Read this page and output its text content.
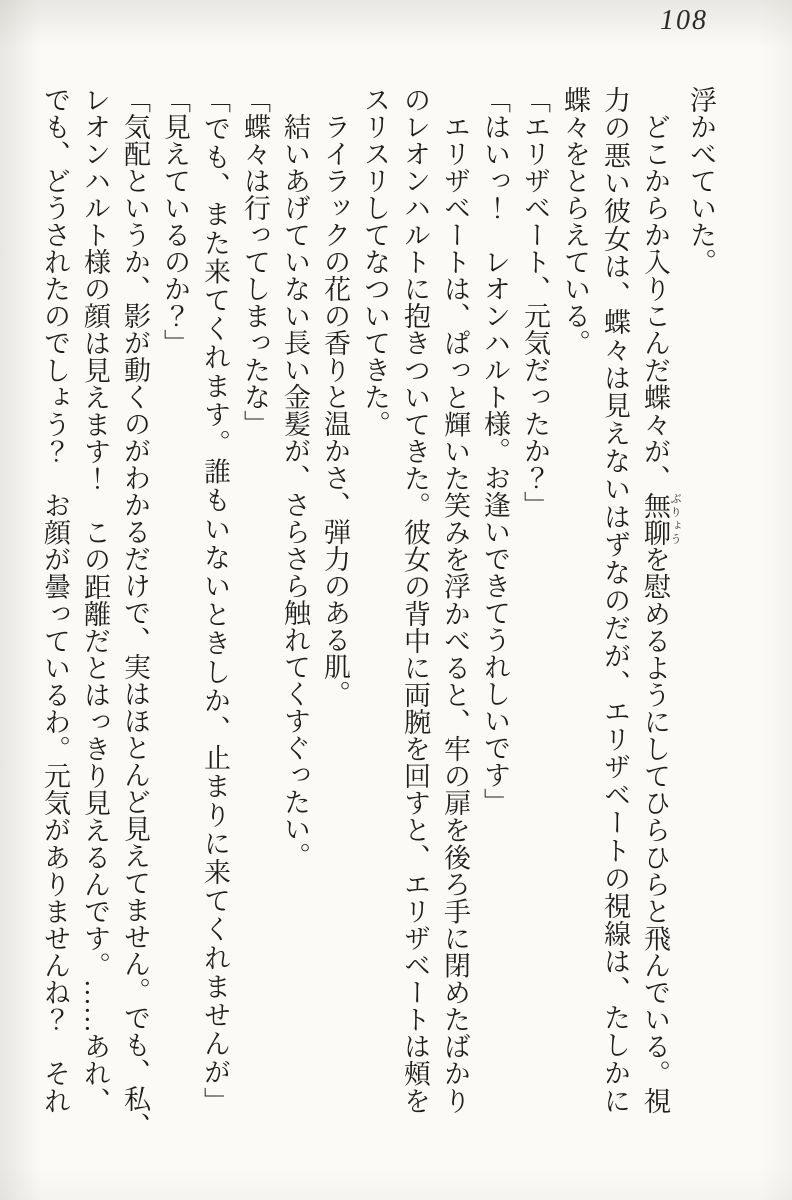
108

浮かべていた。

どこからか入りこんだ蝶々が、無聊 ぶりょうを慰めるようにしてひらひらと飛んでいる。視

力の悪い彼女は、蝶々は見えないはずなのだが、エリザベートの視線は、たしかに

蝶々をとらえている。

「エリザベート、元気だったか？」

「はいっ！　レオンハルト様。お逢いできてうれしいです」

エリザベートは、ぱっと輝いた笑みを浮かべると、牢の扉を後ろ手に閉めたばかり

のレオンハルトに抱きついてきた。彼女の背中に両腕を回すと、エリザベートは頰を

スリスリしてなついてきた。

ライラックの花の香りと温かさ、弾力のある肌。

結いあげていない長い金髪が、さらさら触れてくすぐったい。

「蝶々は行ってしまったな」

「でも、また来てくれます。誰もいないときしか、止まりに来てくれませんが」

「見えているのか？」

「気配というか、影が動くのがわかるだけで、実はほとんど見えてません。でも、私、

レオンハルト様の顔は見えます！　この距離だとはっきり見えるんです。……あれ、

でも、どうされたのでしょう？　お顔が曇っているわ。元気がありませんね？　それ
